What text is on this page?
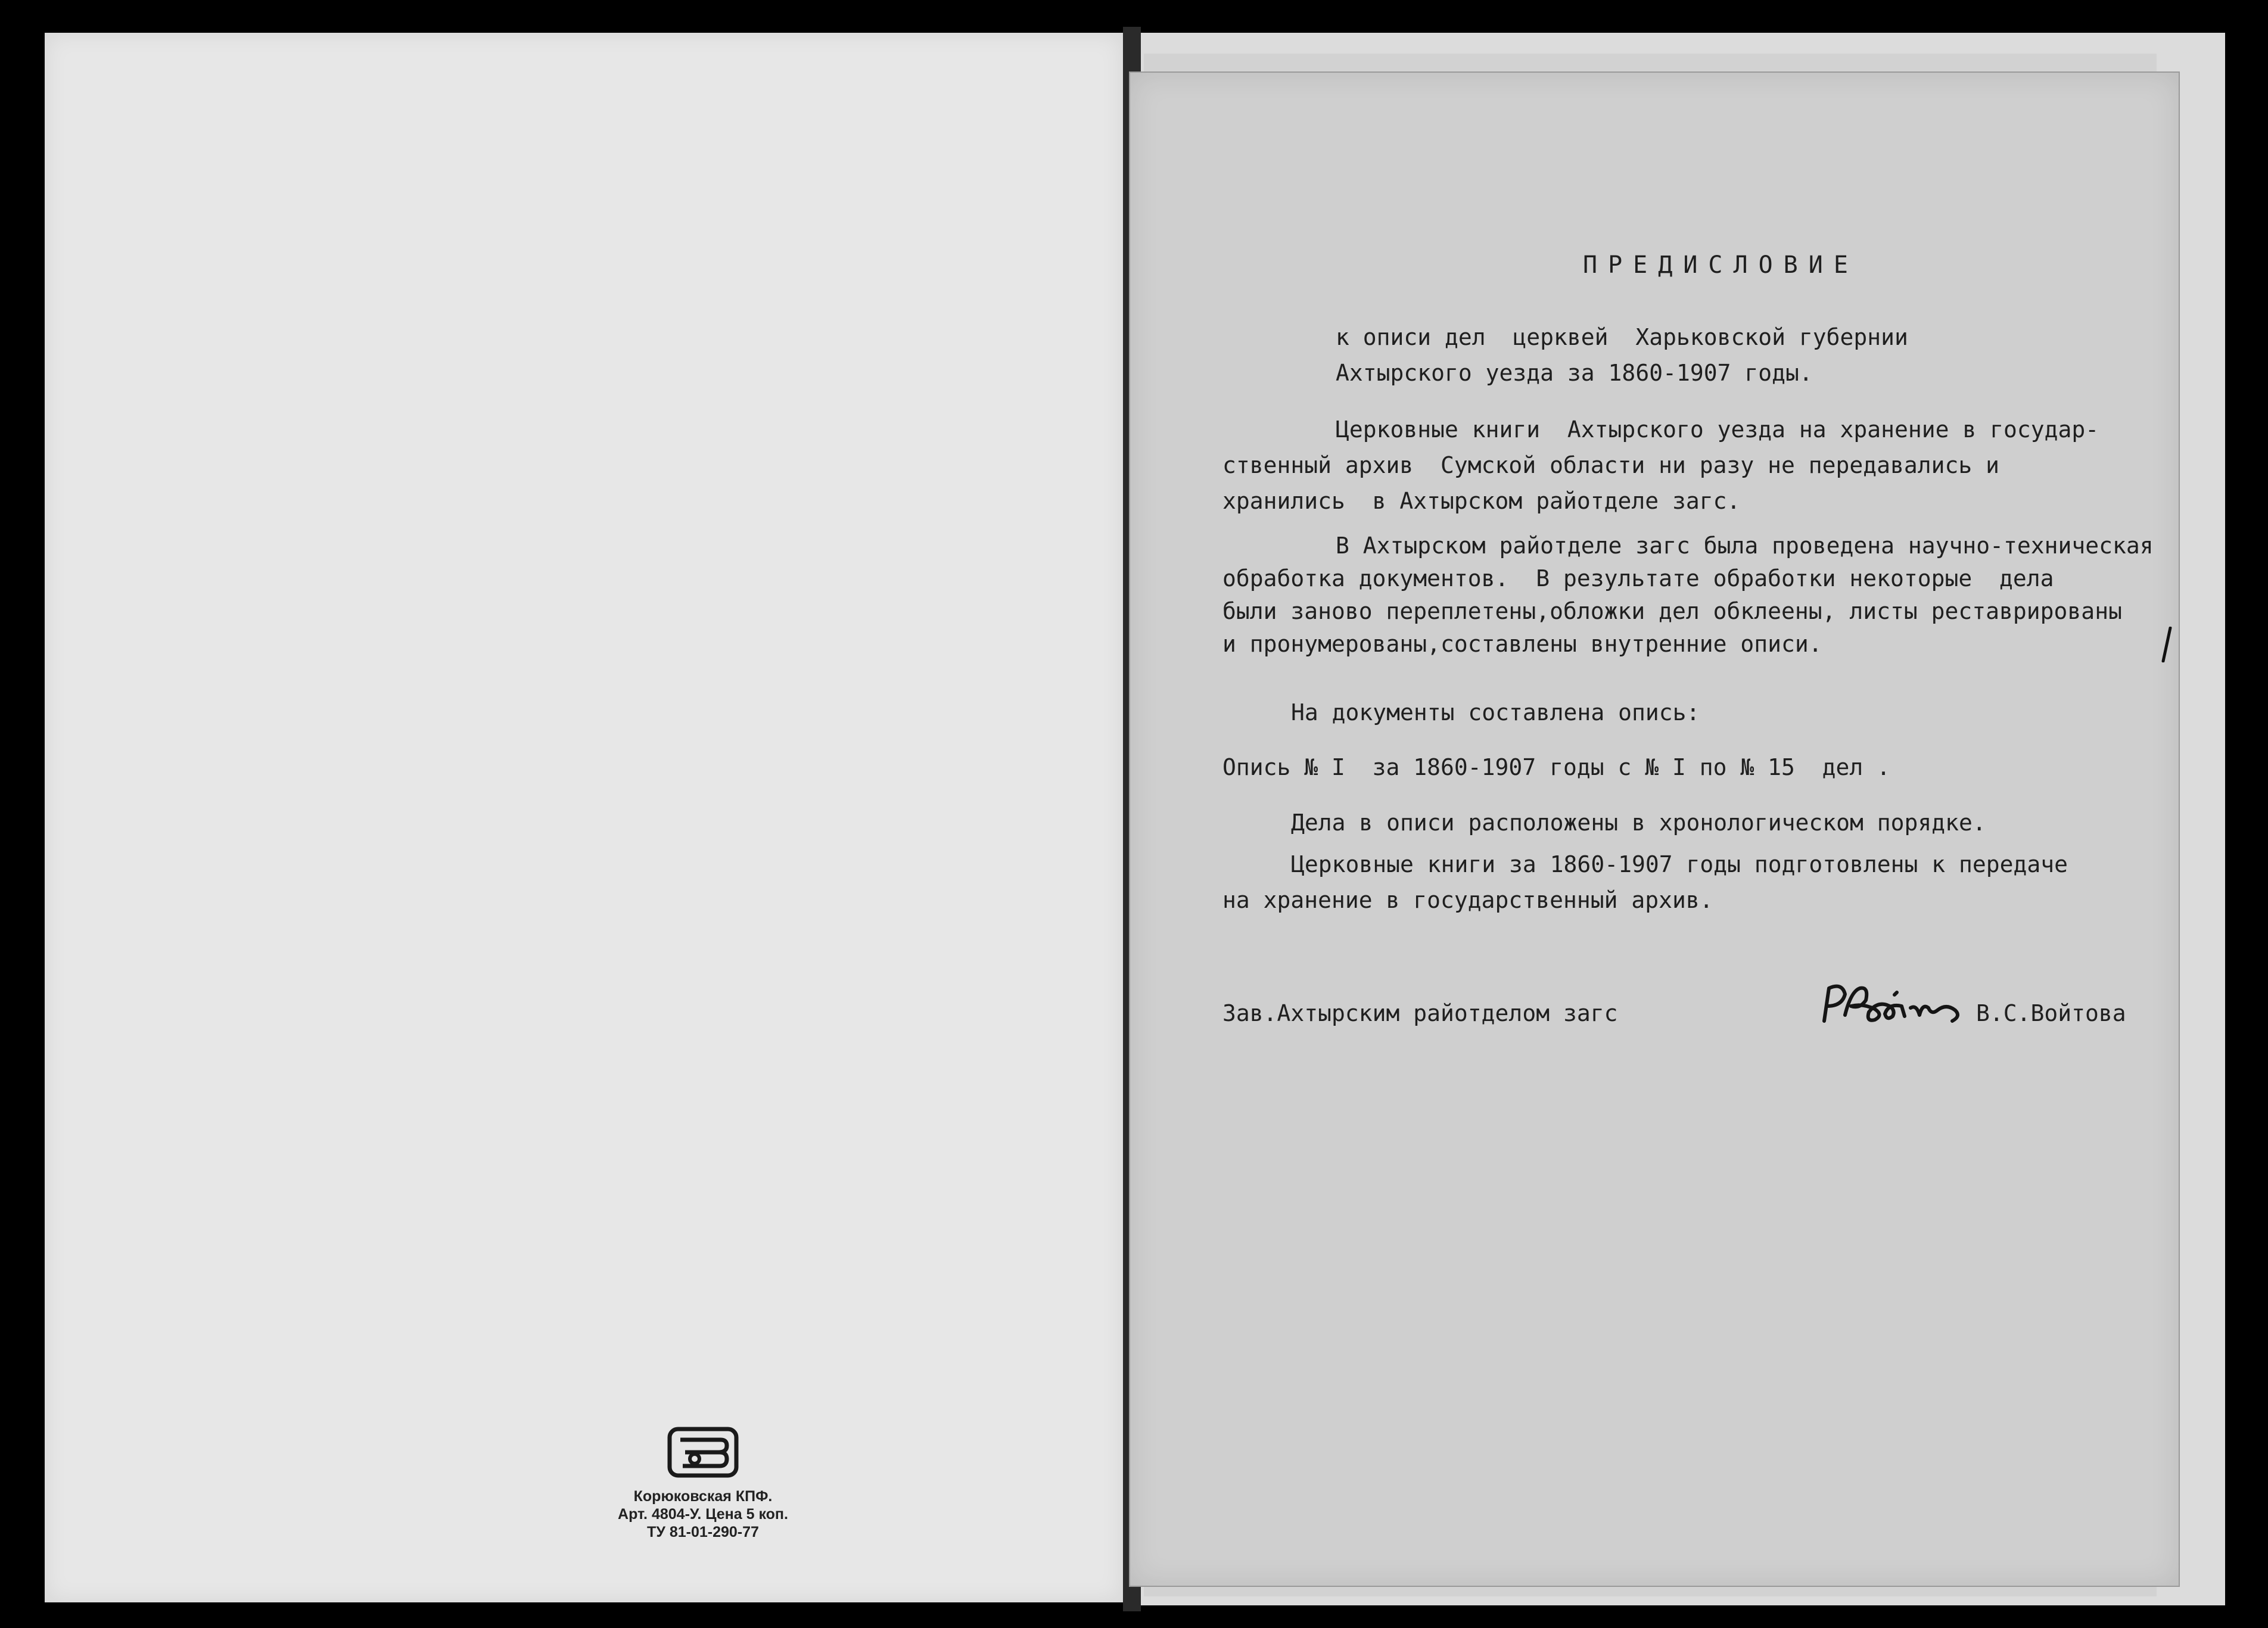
Корюковская КПФ.
Арт. 4804-У. Цена 5 коп.
ТУ 81-01-290-77
ПРЕДИСЛОВИЕ
к описи дел  церквей  Харьковской губернии
Ахтырского уезда за 1860-1907 годы.
Церковные книги  Ахтырского уезда на хранение в государ-
ственный архив  Сумской области ни разу не передавались и
хранились  в Ахтырском райотделе загс.
В Ахтырском райотделе загс была проведена научно-техническая
обработка документов.  В результате обработки некоторые  дела
были заново переплетены,обложки дел обклеены, листы реставрированы
и пронумерованы,составлены внутренние описи.
На документы составлена опись:
Опись № I  за 1860-1907 годы с № I по № 15  дел .
Дела в описи расположены в хронологическом порядке.
Церковные книги за 1860-1907 годы подготовлены к передаче
на хранение в государственный архив.
Зав.Ахтырским райотделом загс	В.С.Войтова
